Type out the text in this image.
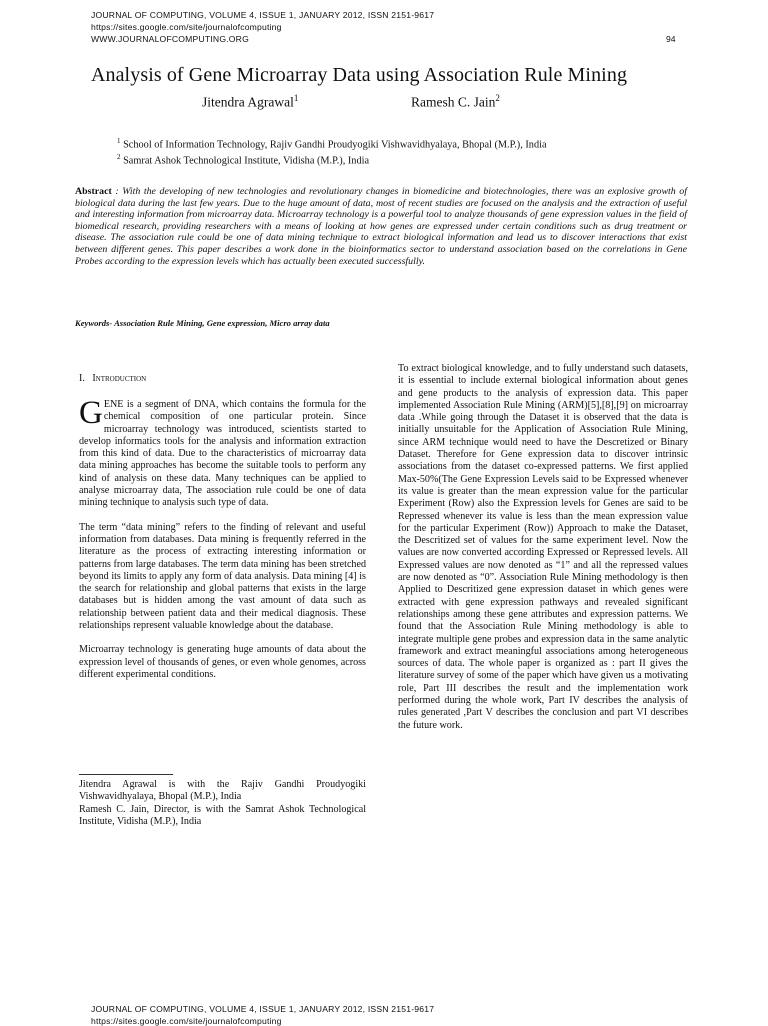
JOURNAL OF COMPUTING, VOLUME 4, ISSUE 1, JANUARY 2012, ISSN 2151-9617
https://sites.google.com/site/journalofcomputing
WWW.JOURNALOFCOMPUTING.ORG	94
Analysis of Gene Microarray Data using Association Rule Mining
Jitendra Agrawal$^1$	Ramesh C. Jain$^2$
$^1$ School of Information Technology, Rajiv Gandhi Proudyogiki Vishwavidhyalaya, Bhopal (M.P.), India
$^2$ Samrat Ashok Technological Institute, Vidisha (M.P.), India
Abstract : With the developing of new technologies and revolutionary changes in biomedicine and biotechnologies, there was an explosive growth of biological data during the last few years. Due to the huge amount of data, most of recent studies are focused on the analysis and the extraction of useful and interesting information from microarray data. Microarray technology is a powerful tool to analyze thousands of gene expression values in the field of biomedical research, providing researchers with a means of looking at how genes are expressed under certain conditions such as drug treatment or disease. The association rule could be one of data mining technique to extract biological information and lead us to discover interactions that exist between different genes. This paper describes a work done in the bioinformatics sector to understand association based on the correlations in Gene Probes according to the expression levels which has actually been executed successfully.
Keywords- Association Rule Mining, Gene expression, Micro array data
I. Introduction

GENE is a segment of DNA, which contains the formula for the chemical composition of one particular protein. Since microarray technology was introduced, scientists started to develop informatics tools for the analysis and information extraction from this kind of data. Due to the characteristics of microarray data data mining approaches has become the suitable tools to perform any kind of analysis on these data. Many techniques can be applied to analyse microarray data, The association rule could be one of data mining technique to analysis such type of data.

The term “data mining” refers to the finding of relevant and useful information from databases. Data mining is frequently referred in the literature as the process of extracting interesting information or patterns from large databases. The term data mining has been stretched beyond its limits to apply any form of data analysis. Data mining [4] is the search for relationship and global patterns that exists in the large databases but is hidden among the vast amount of data such as relationship between patient data and their medical diagnosis. These relationships represent valuable knowledge about the database.

Microarray technology is generating huge amounts of data about the expression level of thousands of genes, or even whole genomes, across different experimental conditions.

Jitendra Agrawal is with the Rajiv Gandhi Proudyogiki Vishwavidhyalaya, Bhopal (M.P.), India

Ramesh C. Jain, Director, is with the Samrat Ashok Technological Institute, Vidisha (M.P.), India

To extract biological knowledge, and to fully understand such datasets, it is essential to include external biological information about genes and gene products to the analysis of expression data. This paper implemented Association Rule Mining (ARM)[5],[8],[9] on microarray data .While going through the Dataset it is observed that the data is initially unsuitable for the Application of Association Rule Mining, since ARM technique would need to have the Descretized or Binary Dataset. Therefore for Gene expression data to discover intrinsic associations from the dataset co-expressed patterns. We first applied Max-50%(The Gene Expression Levels said to be Expressed whenever its value is greater than the mean expression value for the particular Experiment (Row) also the Expression levels for Genes are said to be Repressed whenever its value is less than the mean expression value for the particular Experiment (Row)) Approach to make the Dataset, the Descritized set of values for the same experiment level. Now the values are now converted according Expressed or Repressed levels. All Expressed values are now denoted as “1” and all the repressed values are now denoted as “0”. Association Rule Mining methodology is then Applied to Descritized gene expression dataset in which genes were extracted with gene expression pathways and revealed significant relationships among these gene attributes and expression patterns. We found that the Association Rule Mining methodology is able to integrate multiple gene probes and expression data in the same analytic framework and extract meaningful associations among heterogeneous sources of data. The whole paper is organized as : part II gives the literature survey of some of the paper which have given us a motivating role, Part III describes the result and the implementation work performed during the whole work, Part IV describes the analysis of rules generated ,Part V describes the conclusion and part VI describes the future work.

JOURNAL OF COMPUTING, VOLUME 4, ISSUE 1, JANUARY 2012, ISSN 2151-9617
https://sites.google.com/site/journalofcomputing
